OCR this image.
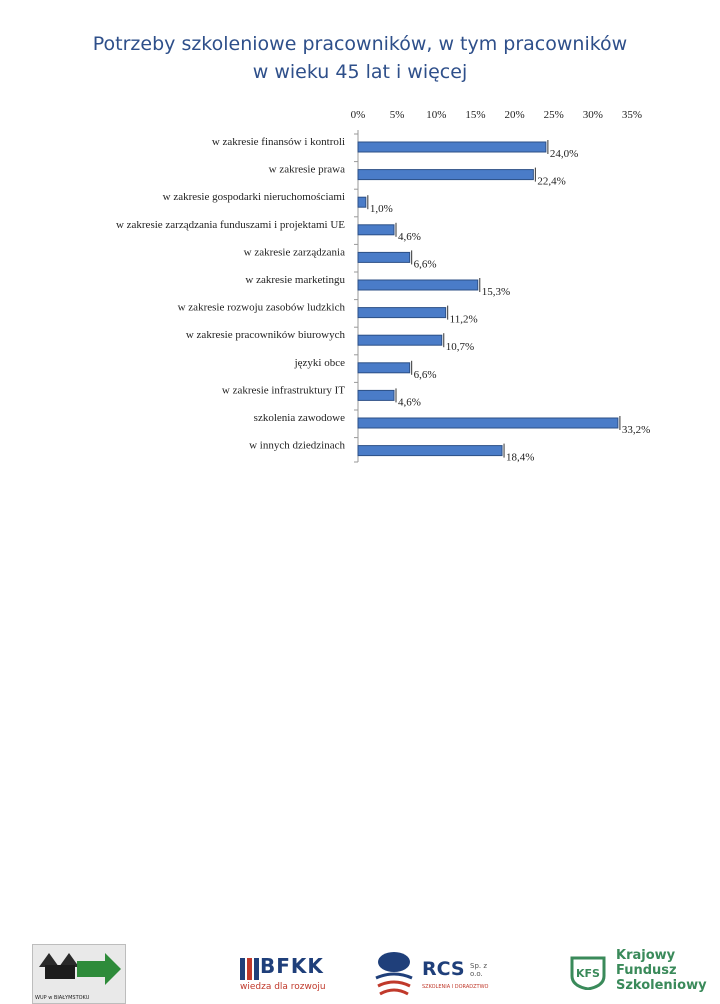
Potrzeby szkoleniowe pracowników, w tym pracowników
w wieku 45 lat i więcej
0% 5% 10% 15% 20% 25% 30% 35%
w zakresie finansów i kontroli
24,0%
w zakresie prawa
22,4%
w zakresie gospodarki nieruchomościami
1,0%
w zakresie zarządzania funduszami i projektami UE
4,6%
w zakresie zarządzania
6,6%
w zakresie marketingu
15,3%
w zakresie rozwoju zasobów ludzkich
11,2%
w zakresie pracowników biurowych
10,7%
języki obce
6,6%
w zakresie infrastruktury IT
4,6%
szkolenia zawodowe
33,2%
w innych dziedzinach
18,4%
WUP w BIAŁYMSTOKU
BFKK
wiedza dla rozwoju
RCS Sp. z o.o.
SZKOLENIA I DORADZTWO
KFS
Krajowy
Fundusz
Szkoleniowy
